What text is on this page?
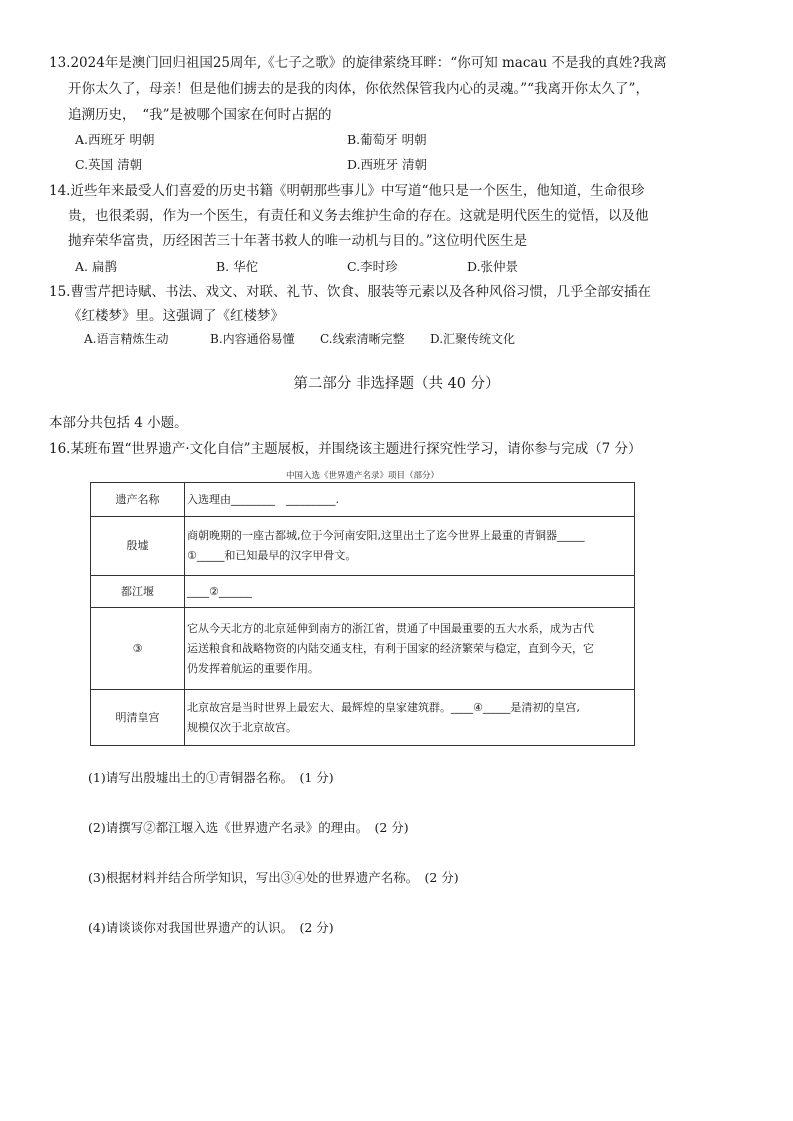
13.2024年是澳门回归祖国25周年,《七子之歌》的旋律萦绕耳畔：“你可知 macau 不是我的真姓?我离
开你太久了，母亲！但是他们掳去的是我的肉体，你依然保管我内心的灵魂。”“我离开你太久了”，
追溯历史，　“我”是被哪个国家在何时占据的
A.西班牙 明朝	B.葡萄牙 明朝
C.英国 清朝	D.西班牙 清朝
14.近些年来最受人们喜爱的历史书籍《明朝那些事儿》中写道“他只是一个医生，他知道，生命很珍
贵，也很柔弱，作为一个医生，有责任和义务去维护生命的存在。这就是明代医生的觉悟，以及他
抛弃荣华富贵，历经困苦三十年著书救人的唯一动机与目的。”这位明代医生是
A. 扁鹊	B. 华佗	C.李时珍	D.张仲景
15.曹雪芹把诗赋、书法、戏文、对联、礼节、饮食、服装等元素以及各种风俗习惯，几乎全部安插在
《红楼梦》里。这强调了《红楼梦》
A.语言精炼生动	B.内容通俗易懂 C.线索清晰完整 D.汇聚传统文化
第二部分 非选择题（共 40 分）
本部分共包括 4 小题。
16.某班布置“世界遗产·文化自信”主题展板，并围绕该主题进行探究性学习，请你参与完成（7 分）
中国入选《世界遗产名录》项目（部分）
遗产名称	入选理由________　_________.
殷墟	商朝晚期的一座古都城,位于今河南安阳,这里出土了迄今世界上最重的青铜器_____
①_____和已知最早的汉字甲骨文。

都江堰	____②______

③	它从今天北方的北京延伸到南方的浙江省，贯通了中国最重要的五大水系，成为古代
运送粮食和战略物资的内陆交通支柱，有利于国家的经济繁荣与稳定，直到今天，它
仍发挥着航运的重要作用。

明清皇宫	北京故宫是当时世界上最宏大、最辉煌的皇家建筑群。____④_____是清初的皇宫,
规模仅次于北京故宫。
(1)请写出殷墟出土的①青铜器名称。　(1 分)
(2)请撰写②都江堰入选《世界遗产名录》的理由。　(2 分)
(3)根据材料并结合所学知识，写出③④处的世界遗产名称。　(2 分)
(4)请谈谈你对我国世界遗产的认识。　(2 分)
